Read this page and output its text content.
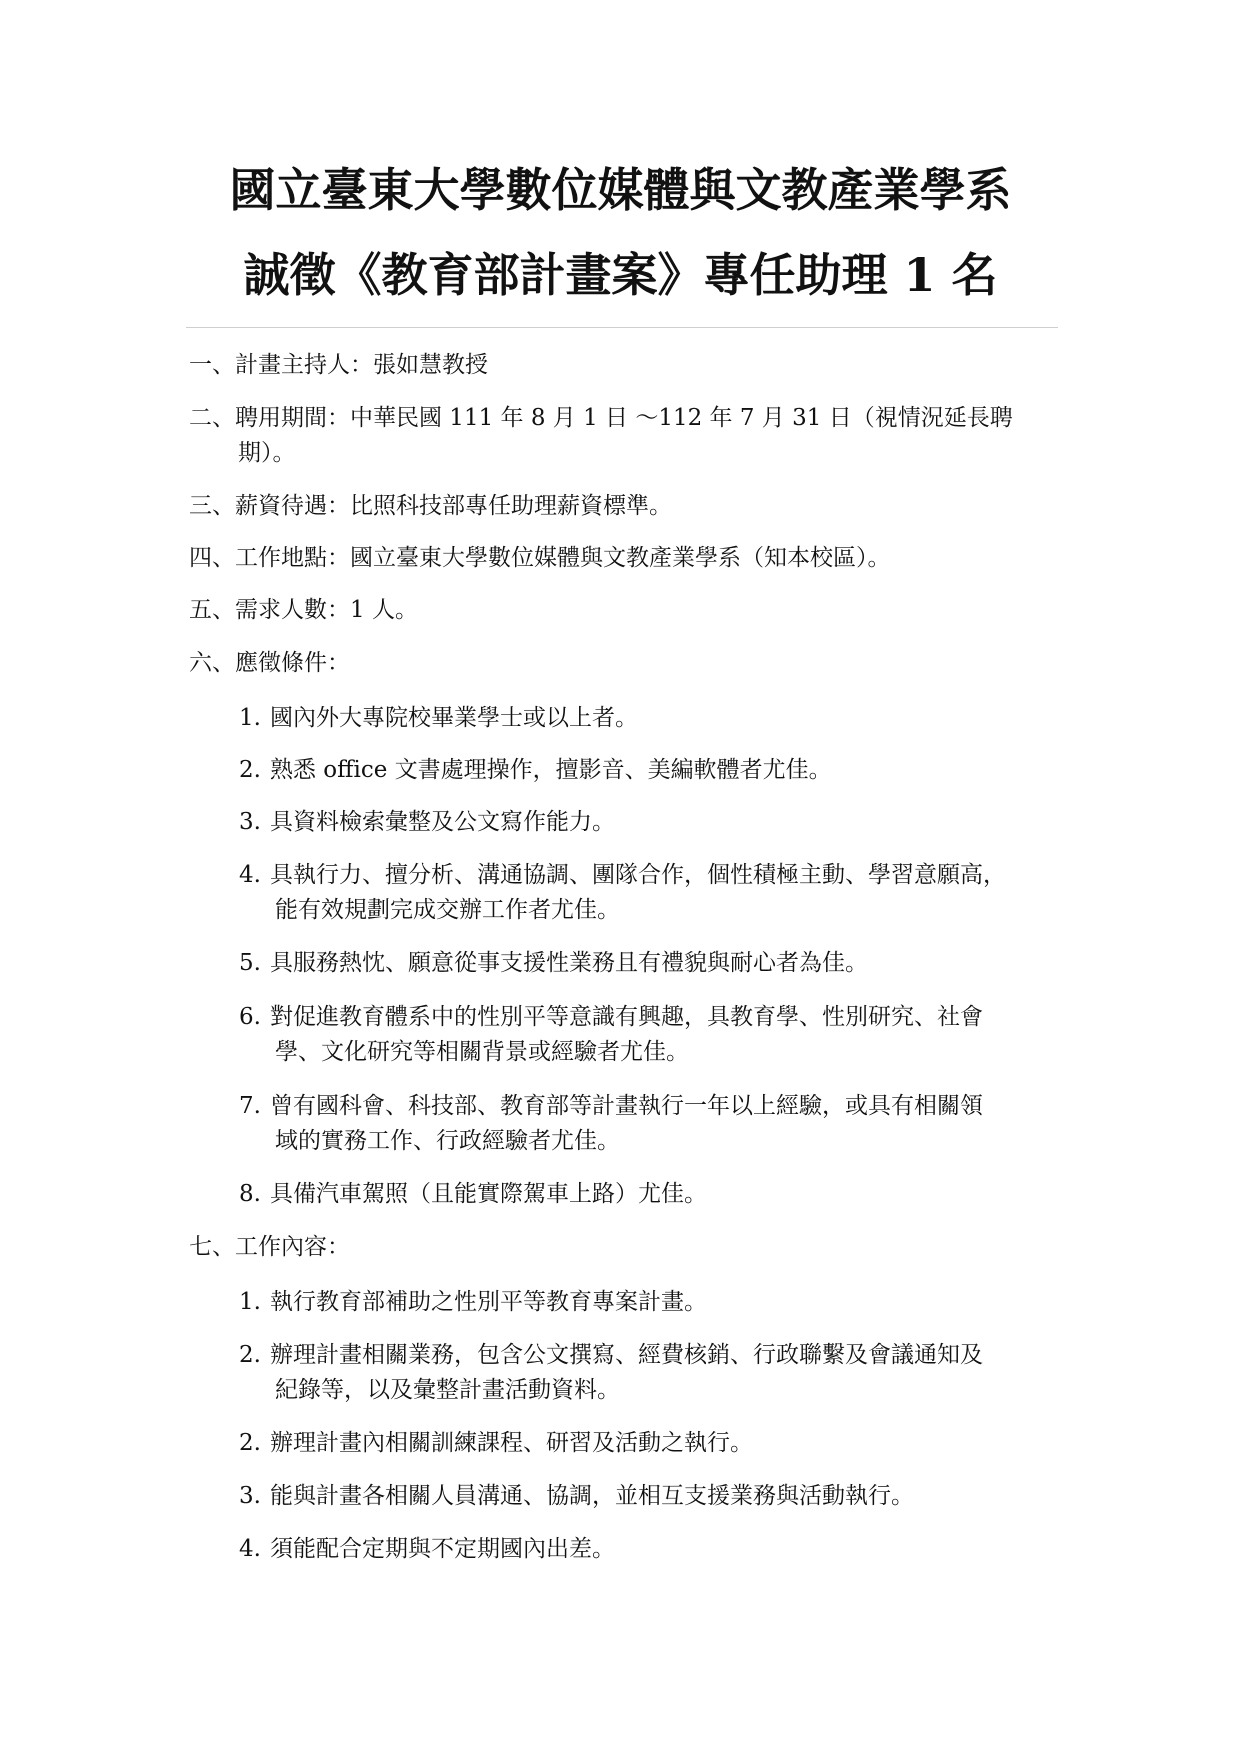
國立臺東大學數位媒體與文教產業學系
誠徵《教育部計畫案》專任助理 1 名
一、計畫主持人：張如慧教授
二、聘用期間：中華民國 111 年 8 月 1 日 ～112 年 7 月 31 日（視情況延長聘
期）。
三、薪資待遇：比照科技部專任助理薪資標準。
四、工作地點：國立臺東大學數位媒體與文教產業學系（知本校區）。
五、需求人數：1 人。
六、應徵條件：
1. 國內外大專院校畢業學士或以上者。
2. 熟悉 office 文書處理操作，擅影音、美編軟體者尤佳。
3. 具資料檢索彙整及公文寫作能力。
4. 具執行力、擅分析、溝通協調、團隊合作，個性積極主動、學習意願高，
能有效規劃完成交辦工作者尤佳。
5. 具服務熱忱、願意從事支援性業務且有禮貌與耐心者為佳。
6. 對促進教育體系中的性別平等意識有興趣，具教育學、性別研究、社會
學、文化研究等相關背景或經驗者尤佳。
7. 曾有國科會、科技部、教育部等計畫執行一年以上經驗，或具有相關領
域的實務工作、行政經驗者尤佳。
8. 具備汽車駕照（且能實際駕車上路）尤佳。
七、工作內容：
1. 執行教育部補助之性別平等教育專案計畫。
2. 辦理計畫相關業務，包含公文撰寫、經費核銷、行政聯繫及會議通知及
紀錄等，以及彙整計畫活動資料。
2. 辦理計畫內相關訓練課程、研習及活動之執行。
3. 能與計畫各相關人員溝通、協調，並相互支援業務與活動執行。
4. 須能配合定期與不定期國內出差。
